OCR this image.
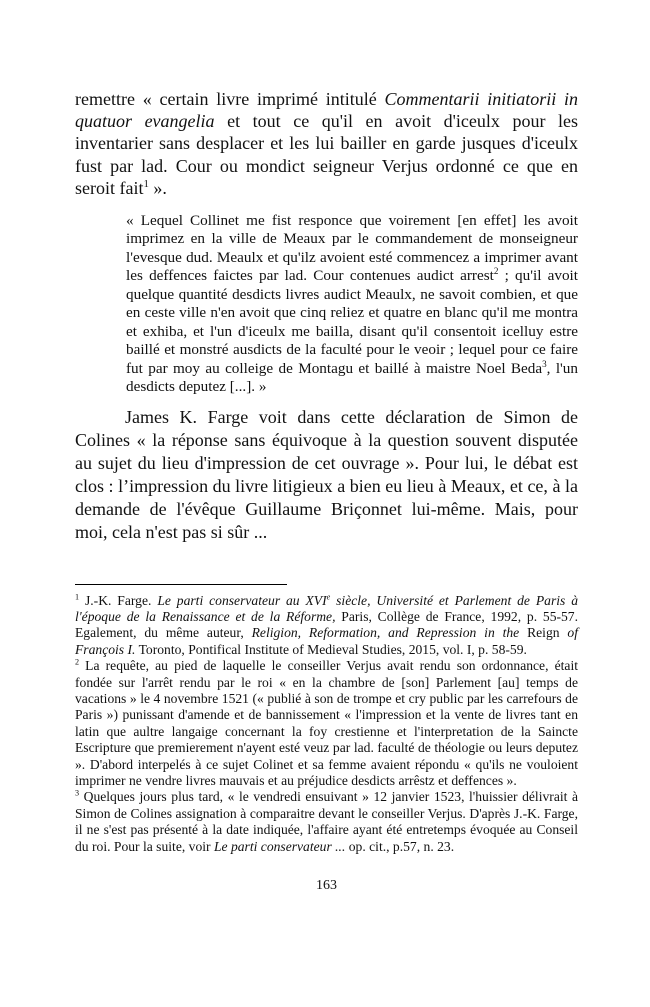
remettre « certain livre imprimé intitulé Commentarii initiatorii in quatuor evangelia et tout ce qu'il en avoit d'iceulx pour les inventarier sans desplacer et les lui bailler en garde jusques d'iceulx fust par lad. Cour ou mondict seigneur Verjus ordonné ce que en seroit fait$^1$ ».

« Lequel Collinet me fist responce que voirement [en effet] les avoit imprimez en la ville de Meaux par le commandement de monseigneur l'evesque dud. Meaulx et qu'ilz avoient esté commencez a imprimer avant les deffences faictes par lad. Cour contenues audict arrest$^2$ ; qu'il avoit quelque quantité desdicts livres audict Meaulx, ne savoit combien, et que en ceste ville n'en avoit que cinq reliez et quatre en blanc qu'il me montra et exhiba, et l'un d'iceulx me bailla, disant qu'il consentoit icelluy estre baillé et monstré ausdicts de la faculté pour le veoir ; lequel pour ce faire fut par moy au colleige de Montagu et baillé à maistre Noel Beda$^3$, l'un desdicts deputez [...]. »

James K. Farge voit dans cette déclaration de Simon de Colines « la réponse sans équivoque à la question souvent disputée au sujet du lieu d'impression de cet ouvrage ». Pour lui, le débat est clos : l’impression du livre litigieux a bien eu lieu à Meaux, et ce, à la demande de l'évêque Guillaume Briçonnet lui-même. Mais, pour moi, cela n'est pas si sûr ...

$^1$ J.-K. Farge. Le parti conservateur au XVIe siècle, Université et Parlement de Paris à l'époque de la Renaissance et de la Réforme, Paris, Collège de France, 1992, p. 55-57. Egalement, du même auteur, Religion, Reformation, and Repression in the Reign of François I. Toronto, Pontifical Institute of Medieval Studies, 2015, vol. I, p. 58-59.

$^2$ La requête, au pied de laquelle le conseiller Verjus avait rendu son ordonnance, était fondée sur l'arrêt rendu par le roi « en la chambre de [son] Parlement [au] temps de vacations » le 4 novembre 1521 (« publié à son de trompe et cry public par les carrefours de Paris ») punissant d'amende et de bannissement « l'impression et la vente de livres tant en latin que aultre langaige concernant la foy crestienne et l'interpretation de la Saincte Escripture que premierement n'ayent esté veuz par lad. faculté de théologie ou leurs deputez ». D'abord interpelés à ce sujet Colinet et sa femme avaient répondu « qu'ils ne vouloient imprimer ne vendre livres mauvais et au préjudice desdicts arrêstz et deffences ».

$^3$ Quelques jours plus tard, « le vendredi ensuivant » 12 janvier 1523, l'huissier délivrait à Simon de Colines assignation à comparaitre devant le conseiller Verjus. D'après J.-K. Farge, il ne s'est pas présenté à la date indiquée, l'affaire ayant été entretemps évoquée au Conseil du roi. Pour la suite, voir Le parti conservateur ... op. cit., p.57, n. 23.

163
